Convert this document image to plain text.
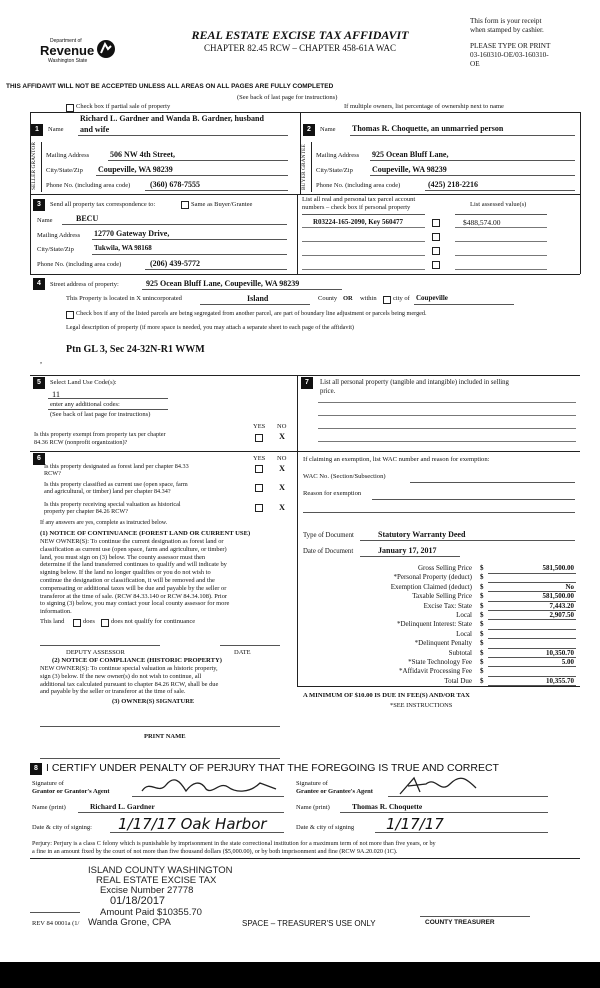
Department of
Revenue
Washington State
REAL ESTATE EXCISE TAX AFFIDAVIT
CHAPTER 82.45 RCW – CHAPTER 458-61A WAC
This form is your receipt
when stamped by cashier.
PLEASE TYPE OR PRINT
03-160310-OE/03-160310-
OE
THIS AFFIDAVIT WILL NOT BE ACCEPTED UNLESS ALL AREAS ON ALL PAGES ARE FULLY COMPLETED
(See back of last page for instructions)
Check box if partial sale of property	If multiple owners, list percentage of ownership next to name
1	Name
Richard L. Gardner and Wanda B. Gardner, husband
and wife
SELLER GRANTOR Mailing Address	506 NW 4th Street,
City/State/Zip Coupeville, WA 98239
Phone No. (including area code) (360) 678-7555
2	Name Thomas R. Choquette, an unmarried person
BUYER GRANTEE Mailing Address 925 Ocean Bluff Lane,
City/State/Zip Coupeville, WA 98239
Phone No. (including area code)	(425) 218-2216
3	Send all property tax correspondence to:	Same as Buyer/Grantee
Name	BECU
Mailing Address 12770 Gateway Drive,
City/State/Zip	Tukwila, WA 98168
Phone No. (including area code)	(206) 439-5772
List all real and personal tax parcel account
numbers – check box if personal property	List assessed value(s)
R03224-165-2090, Key 560477	$488,574.00
4	Street address of property:	925 Ocean Bluff Lane, Coupeville, WA 98239
This Property is located in X unincorporated	Island	County OR within	city of Coupeville
Check box if any of the listed parcels are being segregated from another parcel, are part of boundary line adjustment or parcels being merged.
Legal description of property (if more space is needed, you may attach a separate sheet to each page of the affidavit)
Ptn GL 3, Sec 24-32N-R1 WWM
,
5	Select Land Use Code(s):
11
enter any additional codes:
(See back of last page for instructions)
YES NO
Is this property exempt from property tax per chapter
84.36 RCW (nonprofit organization)?
X
6	YES NO
Is this property designated as forest land per chapter 84.33
RCW?
X
Is this property classified as current use (open space, farm
and agricultural, or timber) land per chapter 84.34?	X
Is this property receiving special valuation as historical
property per chapter 84.26 RCW?	X
If any answers are yes, complete as instructed below.
(1) NOTICE OF CONTINUANCE (FOREST LAND OR CURRENT USE)
NEW OWNER(S): To continue the current designation as forest land or
classification as current use (open space, farm and agriculture, or timber)
land, you must sign on (3) below. The county assessor must then
determine if the land transferred continues to qualify and will indicate by
signing below. If the land no longer qualifies or you do not wish to
continue the designation or classification, it will be removed and the
compensating or additional taxes will be due and payable by the seller or
transferor at the time of sale. (RCW 84.33.140 or RCW 84.34.108). Prior
to signing (3) below, you may contact your local county assessor for more
information.
This land	does does not qualify for continuance
DEPUTY ASSESSOR	DATE
(2) NOTICE OF COMPLIANCE (HISTORIC PROPERTY)
NEW OWNER(S): To continue special valuation as historic property,
sign (3) below. If the new owner(s) do not wish to continue, all
additional tax calculated pursuant to chapter 84.26 RCW, shall be due
and payable by the seller or transferor at the time of sale.
(3) OWNER(S) SIGNATURE
PRINT NAME
7	List all personal property (tangible and intangible) included in selling
price.
If claiming an exemption, list WAC number and reason for exemption:
WAC No. (Section/Subsection)
Reason for exemption
Type of Document	Statutory Warranty Deed
Date of Document	January 17, 2017
Gross Selling Price $	581,500.00
*Personal Property (deduct) $
Exemption Claimed (deduct) $	No
Taxable Selling Price $	581,500.00
Excise Tax: State $	7,443.20
Local $	2,907.50
*Delinquent Interest: State $
Local $
*Delinquent Penalty $
Subtotal $	10,350.70
*State Technology Fee $	5.00
*Affidavit Processing Fee $
Total Due $	10,355.70
A MINIMUM OF $10.00 IS DUE IN FEE(S) AND/OR TAX
*SEE INSTRUCTIONS
8 I CERTIFY UNDER PENALTY OF PERJURY THAT THE FOREGOING IS TRUE AND CORRECT
Signature of
Grantor or Grantor's Agent
Signature of
Grantee or Grantee's Agent
Name (print)	Richard L. Gardner	Name (print)	Thomas R. Choquette
Date & city of signing: 1/17/17 Oak Harbor	Date & city of signing 1/17/17
Perjury: Perjury is a class C felony which is punishable by imprisonment in the state correctional institution for a maximum term of not more than five years, or by
a fine in an amount fixed by the court of not more than five thousand dollars ($5,000.00), or by both imprisonment and fine (RCW 9A.20.020 (1C).
ISLAND COUNTY WASHINGTON
REAL ESTATE EXCISE TAX
Excise Number 27778
01/18/2017
Amount Paid $10355.70
Wanda Grone, CPA
REV 84 0001a (1/	SPACE – TREASURER'S USE ONLY	COUNTY TREASURER
